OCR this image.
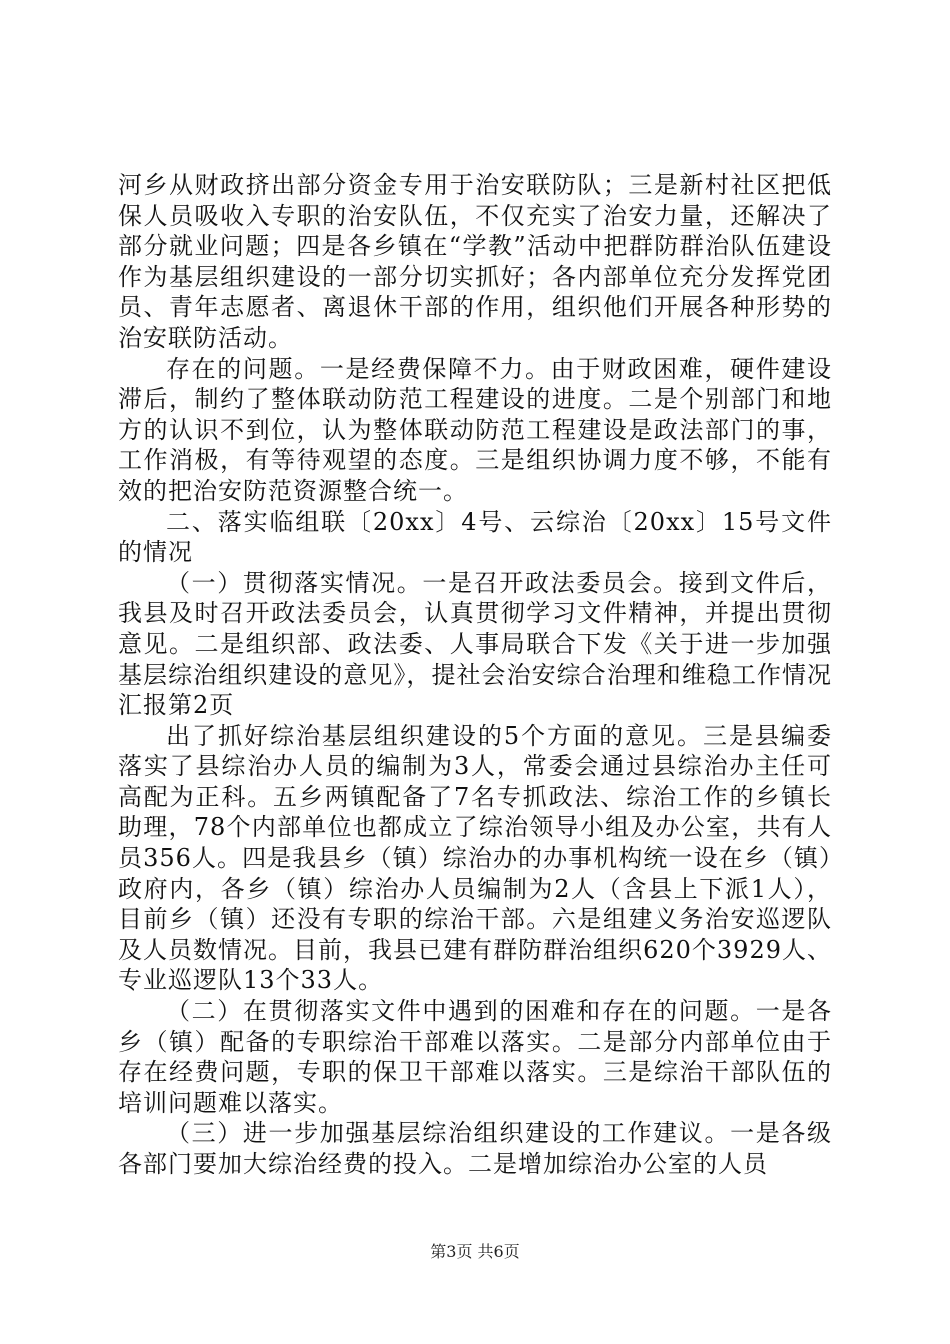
河乡从财政挤出部分资金专用于治安联防队；三是新村社区把低保人员吸收入专职的治安队伍，不仅充实了治安力量，还解决了部分就业问题；四是各乡镇在“学教”活动中把群防群治队伍建设作为基层组织建设的一部分切实抓好；各内部单位充分发挥党团员、青年志愿者、离退休干部的作用，组织他们开展各种形势的治安联防活动。

存在的问题。一是经费保障不力。由于财政困难，硬件建设滞后，制约了整体联动防范工程建设的进度。二是个别部门和地方的认识不到位，认为整体联动防范工程建设是政法部门的事，工作消极，有等待观望的态度。三是组织协调力度不够，不能有效的把治安防范资源整合统一。

二、落实临组联〔20xx〕4号、云综治〔20xx〕15号文件的情况

（一）贯彻落实情况。一是召开政法委员会。接到文件后，我县及时召开政法委员会，认真贯彻学习文件精神，并提出贯彻意见。二是组织部、政法委、人事局联合下发《关于进一步加强基层综治组织建设的意见》，提社会治安综合治理和维稳工作情况汇报第2页

出了抓好综治基层组织建设的5个方面的意见。三是县编委落实了县综治办人员的编制为3人，常委会通过县综治办主任可高配为正科。五乡两镇配备了7名专抓政法、综治工作的乡镇长助理，78个内部单位也都成立了综治领导小组及办公室，共有人员356人。四是我县乡（镇）综治办的办事机构统一设在乡（镇）政府内，各乡（镇）综治办人员编制为2人（含县上下派1人），目前乡（镇）还没有专职的综治干部。六是组建义务治安巡逻队及人员数情况。目前，我县已建有群防群治组织620个3929人、专业巡逻队13个33人。

（二）在贯彻落实文件中遇到的困难和存在的问题。一是各乡（镇）配备的专职综治干部难以落实。二是部分内部单位由于存在经费问题，专职的保卫干部难以落实。三是综治干部队伍的培训问题难以落实。

（三）进一步加强基层综治组织建设的工作建议。一是各级各部门要加大综治经费的投入。二是增加综治办公室的人员

第3页 共6页
